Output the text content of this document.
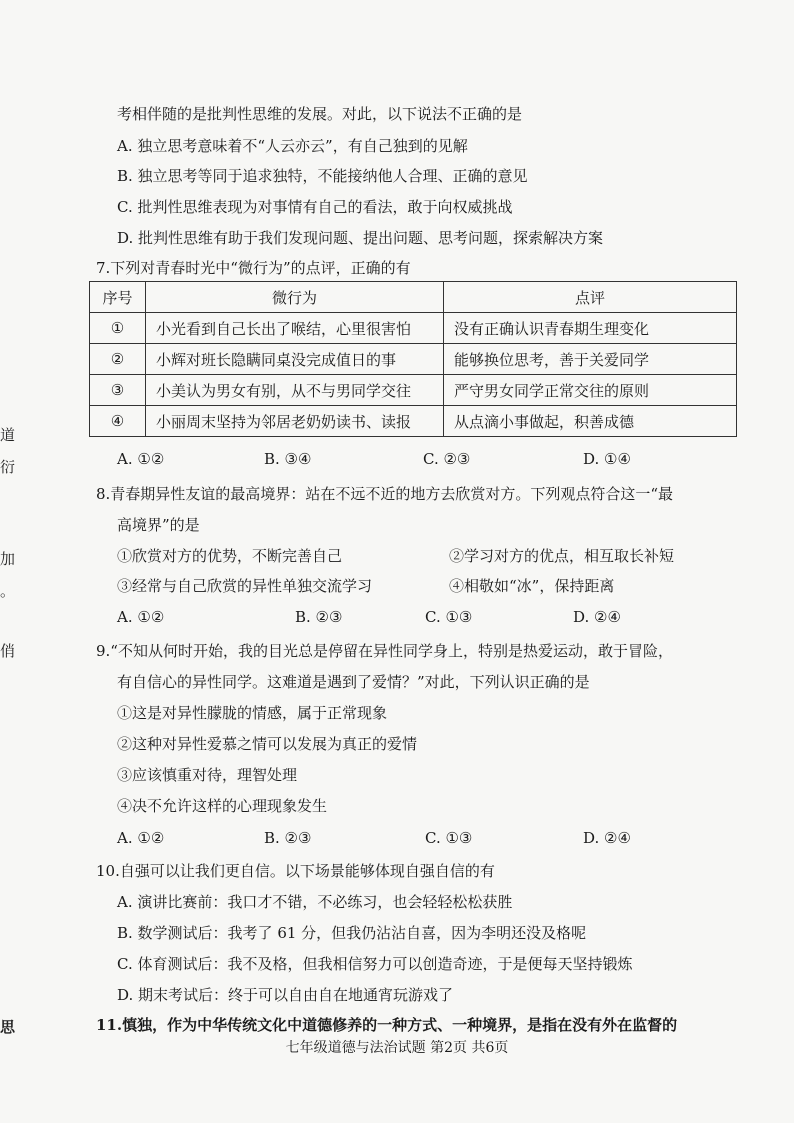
道
衍
加
。
俏
思
考相伴随的是批判性思维的发展。对此，以下说法不正确的是
A. 独立思考意味着不“人云亦云”，有自己独到的见解
B. 独立思考等同于追求独特，不能接纳他人合理、正确的意见
C. 批判性思维表现为对事情有自己的看法，敢于向权威挑战
D. 批判性思维有助于我们发现问题、提出问题、思考问题，探索解决方案
7.下列对青春时光中“微行为”的点评，正确的有
序号	微行为	点评
①	小光看到自己长出了喉结，心里很害怕	没有正确认识青春期生理变化
②	小辉对班长隐瞒同桌没完成值日的事	能够换位思考，善于关爱同学
③	小美认为男女有别，从不与男同学交往	严守男女同学正常交往的原则
④	小丽周末坚持为邻居老奶奶读书、读报	从点滴小事做起，积善成德
A. ①②	B. ③④	C. ②③	D. ①④
8.青春期异性友谊的最高境界：站在不远不近的地方去欣赏对方。下列观点符合这一“最
高境界”的是
①欣赏对方的优势，不断完善自己	②学习对方的优点，相互取长补短
③经常与自己欣赏的异性单独交流学习	④相敬如“冰”，保持距离
A. ①②	B. ②③	C. ①③	D. ②④
9.“不知从何时开始，我的目光总是停留在异性同学身上，特别是热爱运动，敢于冒险，
有自信心的异性同学。这难道是遇到了爱情？”对此，下列认识正确的是
①这是对异性朦胧的情感，属于正常现象
②这种对异性爱慕之情可以发展为真正的爱情
③应该慎重对待，理智处理
④决不允许这样的心理现象发生
A. ①②	B. ②③	C. ①③	D. ②④
10.自强可以让我们更自信。以下场景能够体现自强自信的有
A. 演讲比赛前：我口才不错，不必练习，也会轻轻松松获胜
B. 数学测试后：我考了 61 分，但我仍沾沾自喜，因为李明还没及格呢
C. 体育测试后：我不及格，但我相信努力可以创造奇迹，于是便每天坚持锻炼
D. 期末考试后：终于可以自由自在地通宵玩游戏了
11.慎独，作为中华传统文化中道德修养的一种方式、一种境界，是指在没有外在监督的
七年级道德与法治试题 第2页 共6页
